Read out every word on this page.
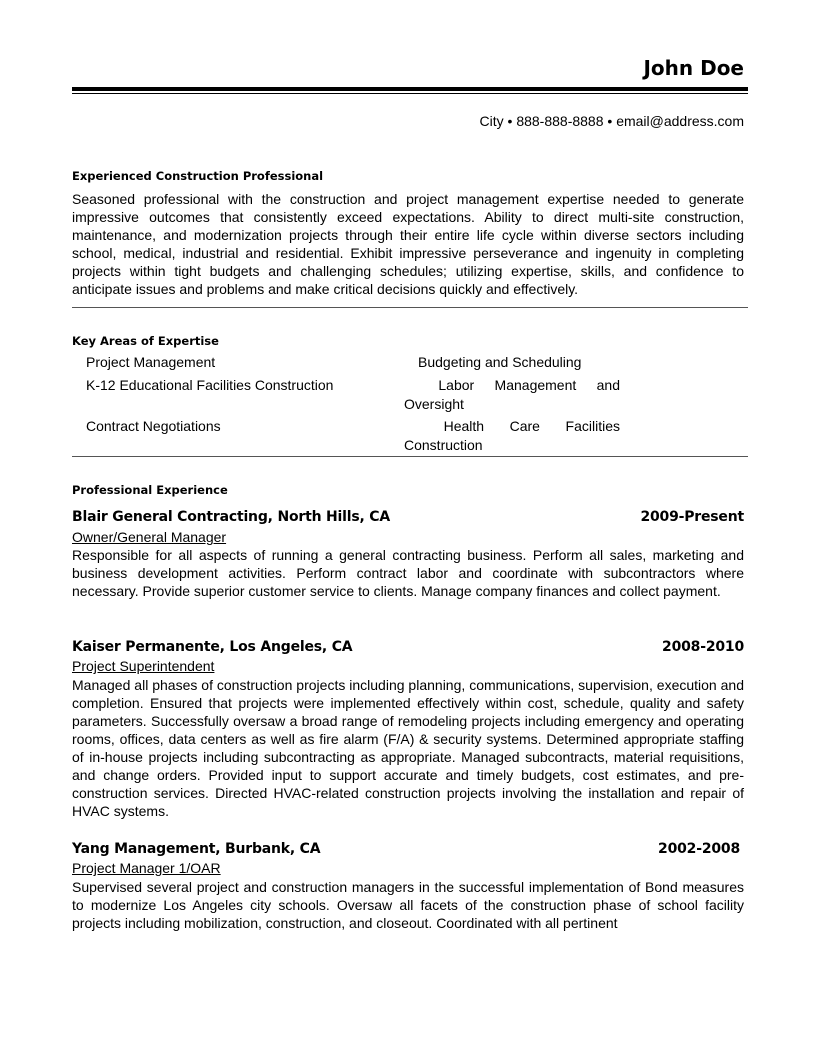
John Doe
City • 888-888-8888 • email@address.com
Experienced Construction Professional
Seasoned professional with the construction and project management expertise needed to generate impressive outcomes that consistently exceed expectations. Ability to direct multi-site construction, maintenance, and modernization projects through their entire life cycle within diverse sectors including school, medical, industrial and residential. Exhibit impressive perseverance and ingenuity in completing projects within tight budgets and challenging schedules; utilizing expertise, skills, and confidence to anticipate issues and problems and make critical decisions quickly and effectively.
Key Areas of Expertise
Project Management	Budgeting and Scheduling
K-12 Educational Facilities Construction	Labor Management and Oversight
Contract Negotiations	Health Care Facilities Construction
Professional Experience
Blair General Contracting, North Hills, CA	2009-Present
Owner/General Manager
Responsible for all aspects of running a general contracting business. Perform all sales, marketing and business development activities. Perform contract labor and coordinate with subcontractors where necessary. Provide superior customer service to clients. Manage company finances and collect payment.
Kaiser Permanente, Los Angeles, CA	2008-2010
Project Superintendent
Managed all phases of construction projects including planning, communications, supervision, execution and completion. Ensured that projects were implemented effectively within cost, schedule, quality and safety parameters. Successfully oversaw a broad range of remodeling projects including emergency and operating rooms, offices, data centers as well as fire alarm (F/A) & security systems. Determined appropriate staffing of in-house projects including subcontracting as appropriate. Managed subcontracts, material requisitions, and change orders. Provided input to support accurate and timely budgets, cost estimates, and pre-construction services. Directed HVAC-related construction projects involving the installation and repair of HVAC systems.
Yang Management, Burbank, CA	2002-2008
Project Manager 1/OAR
Supervised several project and construction managers in the successful implementation of Bond measures to modernize Los Angeles city schools. Oversaw all facets of the construction phase of school facility projects including mobilization, construction, and closeout. Coordinated with all pertinent
